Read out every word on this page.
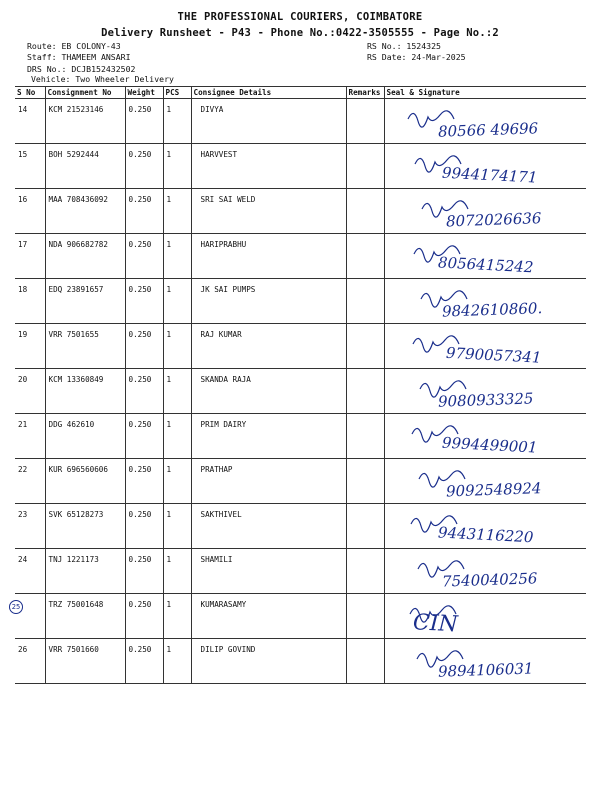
THE PROFESSIONAL COURIERS, COIMBATORE
Delivery Runsheet - P43 - Phone No.:0422-3505555 - Page No.:2
Route: EB COLONY-43
Staff: THAMEEM ANSARI
DRS No.: DCJB152432502
Vehicle: Two Wheeler Delivery
RS No.: 1524325
RS Date: 24-Mar-2025
S No	Consignment No	Weight	PCS	Consignee Details	Remarks	Seal & Signature
14	KCM 21523146	0.250	1	DIVYA		80566 49696

15	BOH 5292444	0.250	1	HARVVEST		9944174171

16	MAA 708436092	0.250	1	SRI SAI WELD		8072026636

17	NDA 906682782	0.250	1	HARIPRABHU		8056415242

18	EDQ 23891657	0.250	1	JK SAI PUMPS		9842610860.

19	VRR 7501655	0.250	1	RAJ KUMAR		9790057341

20	KCM 13360849	0.250	1	SKANDA RAJA		9080933325

21	DDG 462610	0.250	1	PRIM DAIRY		9994499001

22	KUR 696560606	0.250	1	PRATHAP		9092548924

23	SVK 65128273	0.250	1	SAKTHIVEL		9443116220

24	TNJ 1221173	0.250	1	SHAMILI		7540040256

25	TRZ 75001648	0.250	1	KUMARASAMY		CIN

26	VRR 7501660	0.250	1	DILIP GOVIND		9894106031
